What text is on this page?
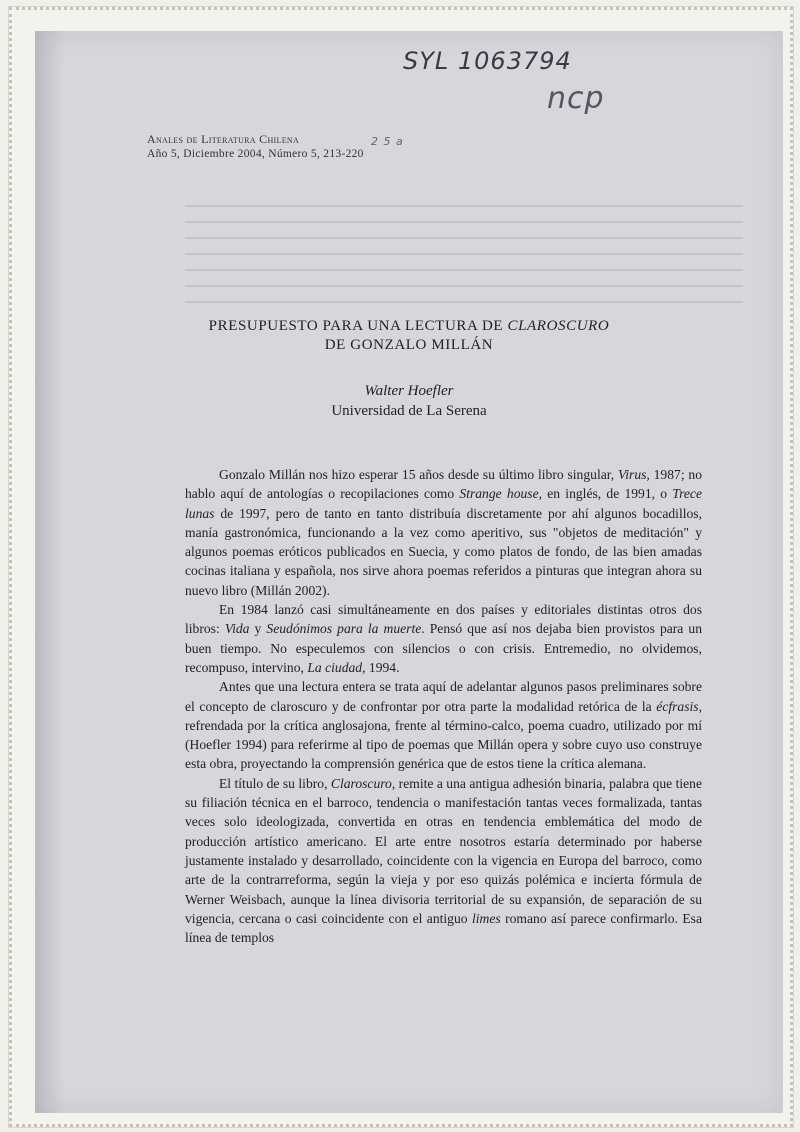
SYL 1063794
ncp
2 5 a
Anales de Literatura Chilena
Año 5, Diciembre 2004, Número 5, 213-220
PRESUPUESTO PARA UNA LECTURA DE CLAROSCURO
DE GONZALO MILLÁN
Walter Hoefler
Universidad de La Serena

Gonzalo Millán nos hizo esperar 15 años desde su último libro singular, Virus, 1987; no hablo aquí de antologías o recopilaciones como Strange house, en inglés, de 1991, o Trece lunas de 1997, pero de tanto en tanto distribuía discretamente por ahí algunos bocadillos, manía gastronómica, funcionando a la vez como aperitivo, sus "objetos de meditación" y algunos poemas eróticos publicados en Suecia, y como platos de fondo, de las bien amadas cocinas italiana y española, nos sirve ahora poemas referidos a pinturas que integran ahora su nuevo libro (Millán 2002).

En 1984 lanzó casi simultáneamente en dos países y editoriales distintas otros dos libros: Vida y Seudónimos para la muerte. Pensó que así nos dejaba bien provistos para un buen tiempo. No especulemos con silencios o con crisis. Entremedio, no olvidemos, recompuso, intervino, La ciudad, 1994.

Antes que una lectura entera se trata aquí de adelantar algunos pasos preliminares sobre el concepto de claroscuro y de confrontar por otra parte la modalidad retórica de la écfrasis, refrendada por la crítica anglosajona, frente al término-calco, poema cuadro, utilizado por mí (Hoefler 1994) para referirme al tipo de poemas que Millán opera y sobre cuyo uso construye esta obra, proyectando la comprensión genérica que de estos tiene la crítica alemana.

El título de su libro, Claroscuro, remite a una antigua adhesión binaria, palabra que tiene su filiación técnica en el barroco, tendencia o manifestación tantas veces formalizada, tantas veces solo ideologizada, convertida en otras en tendencia emblemática del modo de producción artístico americano. El arte entre nosotros estaría determinado por haberse justamente instalado y desarrollado, coincidente con la vigencia en Europa del barroco, como arte de la contrarreforma, según la vieja y por eso quizás polémica e incierta fórmula de Werner Weisbach, aunque la línea divisoria territorial de su expansión, de separación de su vigencia, cercana o casi coincidente con el antiguo limes romano así parece confirmarlo. Esa línea de templos
